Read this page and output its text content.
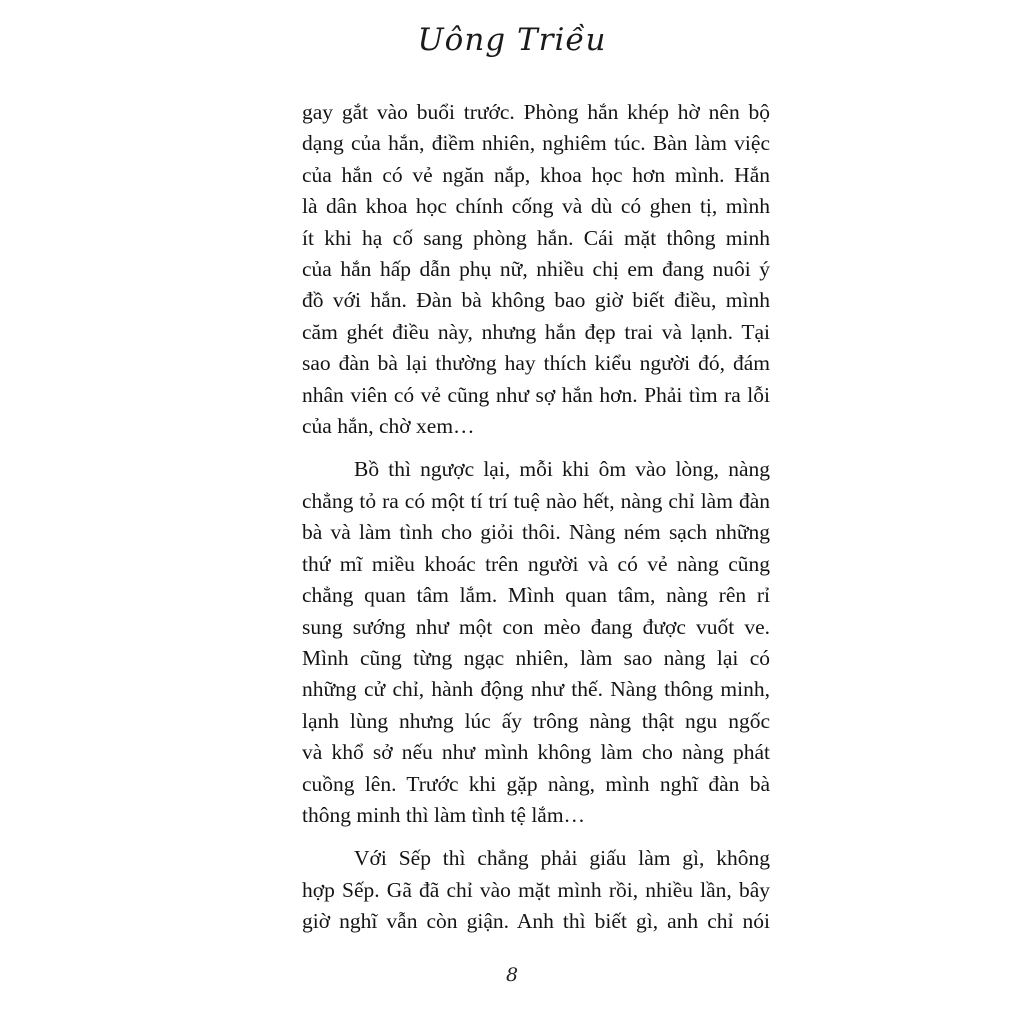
Uông Triều

gay gắt vào buổi trước. Phòng hắn khép hờ nên bộ
dạng của hắn, điềm nhiên, nghiêm túc. Bàn làm việc
của hắn có vẻ ngăn nắp, khoa học hơn mình. Hắn
là dân khoa học chính cống và dù có ghen tị, mình
ít khi hạ cố sang phòng hắn. Cái mặt thông minh
của hắn hấp dẫn phụ nữ, nhiều chị em đang nuôi ý
đồ với hắn. Đàn bà không bao giờ biết điều, mình
căm ghét điều này, nhưng hắn đẹp trai và lạnh. Tại
sao đàn bà lại thường hay thích kiểu người đó, đám
nhân viên có vẻ cũng như sợ hắn hơn. Phải tìm ra lỗi
của hắn, chờ xem…

Bồ thì ngược lại, mỗi khi ôm vào lòng, nàng
chẳng tỏ ra có một tí trí tuệ nào hết, nàng chỉ làm đàn
bà và làm tình cho giỏi thôi. Nàng ném sạch những
thứ mĩ miều khoác trên người và có vẻ nàng cũng
chẳng quan tâm lắm. Mình quan tâm, nàng rên rỉ
sung sướng như một con mèo đang được vuốt ve.
Mình cũng từng ngạc nhiên, làm sao nàng lại có
những cử chỉ, hành động như thế. Nàng thông minh,
lạnh lùng nhưng lúc ấy trông nàng thật ngu ngốc
và khổ sở nếu như mình không làm cho nàng phát
cuồng lên. Trước khi gặp nàng, mình nghĩ đàn bà
thông minh thì làm tình tệ lắm…

Với Sếp thì chẳng phải giấu làm gì, không
hợp Sếp. Gã đã chỉ vào mặt mình rồi, nhiều lần, bây
giờ nghĩ vẫn còn giận. Anh thì biết gì, anh chỉ nói

8
